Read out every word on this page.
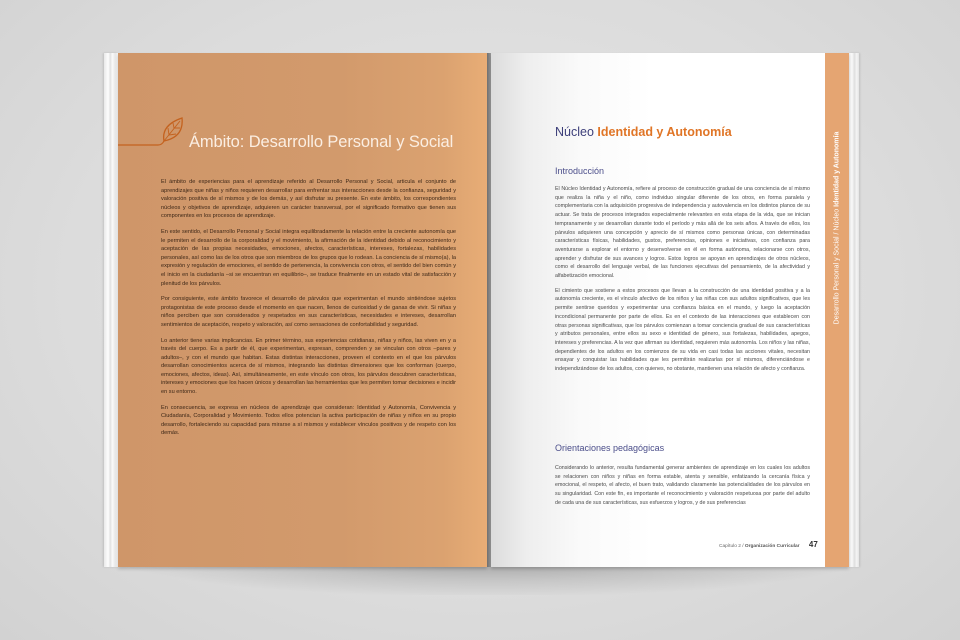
Ámbito: Desarrollo Personal y Social

El ámbito de experiencias para el aprendizaje referido al Desarrollo Personal y Social, articula el conjunto de aprendizajes que niñas y niños requieren desarrollar para enfrentar sus interacciones desde la confianza, seguridad y valoración positiva de sí mismos y de los demás, y así disfrutar su presente. En este ámbito, los correspondientes núcleos y objetivos de aprendizaje, adquieren un carácter transversal, por el significado formativo que tienen sus componentes en los procesos de aprendizaje.

En este sentido, el Desarrollo Personal y Social integra equilibradamente la relación entre la creciente autonomía que le permiten el desarrollo de la corporalidad y el movimiento, la afirmación de la identidad debido al reconocimiento y aceptación de las propias necesidades, emociones, afectos, características, intereses, fortalezas, habilidades personales, así como las de los otros que son miembros de los grupos que lo rodean. La conciencia de sí mismo(a), la expresión y regulación de emociones, el sentido de pertenencia, la convivencia con otros, el sentido del bien común y el inicio en la ciudadanía –si se encuentran en equilibrio–, se traduce finalmente en un estado vital de satisfacción y plenitud de los párvulos.

Por consiguiente, este ámbito favorece el desarrollo de párvulos que experimentan el mundo sintiéndose sujetos protagonistas de este proceso desde el momento en que nacen, llenos de curiosidad y de ganas de vivir. Si niñas y niños perciben que son considerados y respetados en sus características, necesidades e intereses, desarrollan sentimientos de aceptación, respeto y valoración, así como sensaciones de confortabilidad y seguridad.

Lo anterior tiene varias implicancias. En primer término, sus experiencias cotidianas, niñas y niños, las viven en y a través del cuerpo. Es a partir de él, que experimentan, expresan, comprenden y se vinculan con otros –pares y adultos–, y con el mundo que habitan. Estas distintas interacciones, proveen el contexto en el que los párvulos desarrollan conocimientos acerca de sí mismos, integrando las distintas dimensiones que los conforman (cuerpo, emociones, afectos, ideas). Así, simultáneamente, en este vínculo con otros, los párvulos descubren características, intereses y emociones que los hacen únicos y desarrollan las herramientas que les permiten tomar decisiones e incidir en su entorno.

En consecuencia, se expresa en núcleos de aprendizaje que consideran: Identidad y Autonomía, Convivencia y Ciudadanía, Corporalidad y Movimiento. Todos ellos potencian la activa participación de niñas y niños en su propio desarrollo, fortaleciendo su capacidad para mirarse a sí mismos y establecer vínculos positivos y de respeto con los demás.

Núcleo Identidad y Autonomía
Introducción

El Núcleo Identidad y Autonomía, refiere al proceso de construcción gradual de una conciencia de sí mismo que realiza la niña y el niño, como individuo singular diferente de los otros, en forma paralela y complementaria con la adquisición progresiva de independencia y autovalencia en los distintos planos de su actuar. Se trata de procesos integrados especialmente relevantes en esta etapa de la vida, que se inician tempranamente y se desarrollan durante todo el período y más allá de los seis años. A través de ellos, los párvulos adquieren una concepción y aprecio de sí mismos como personas únicas, con determinadas características físicas, habilidades, gustos, preferencias, opiniones e iniciativas, con confianza para aventurarse a explorar el entorno y desenvolverse en él en forma autónoma, relacionarse con otros, aprender y disfrutar de sus avances y logros. Estos logros se apoyan en aprendizajes de otros núcleos, como el desarrollo del lenguaje verbal, de las funciones ejecutivas del pensamiento, de la afectividad y alfabetización emocional.

El cimiento que sostiene a estos procesos que llevan a la construcción de una identidad positiva y a la autonomía creciente, es el vínculo afectivo de los niños y las niñas con sus adultos significativos, que les permite sentirse queridos y experimentar una confianza básica en el mundo, y luego la aceptación incondicional permanente por parte de ellos. Es en el contexto de las interacciones que establecen con otras personas significativas, que los párvulos comienzan a tomar conciencia gradual de sus características y atributos personales, entre ellos su sexo e identidad de género, sus fortalezas, habilidades, apegos, intereses y preferencias. A la vez que afirman su identidad, requieren más autonomía. Los niños y las niñas, dependientes de los adultos en los comienzos de su vida en casi todas las acciones vitales, necesitan ensayar y conquistar las habilidades que les permitirán realizarlas por sí mismos, diferenciándose e independizándose de los adultos, con quienes, no obstante, mantienen una relación de afecto y confianza.

Orientaciones pedagógicas

Considerando lo anterior, resulta fundamental generar ambientes de aprendizaje en los cuales los adultos se relacionen con niños y niñas en forma estable, atenta y sensible, enfatizando la cercanía física y emocional, el respeto, el afecto, el buen trato, validando claramente las potencialidades de los párvulos en su singularidad. Con este fin, es importante el reconocimiento y valoración respetuosa por parte del adulto de cada una de sus características, sus esfuerzos y logros, y de sus preferencias

Capítulo 2 / Organización Curricular 47
Desarrollo Personal y Social / Núcleo Identidad y Autonomía
